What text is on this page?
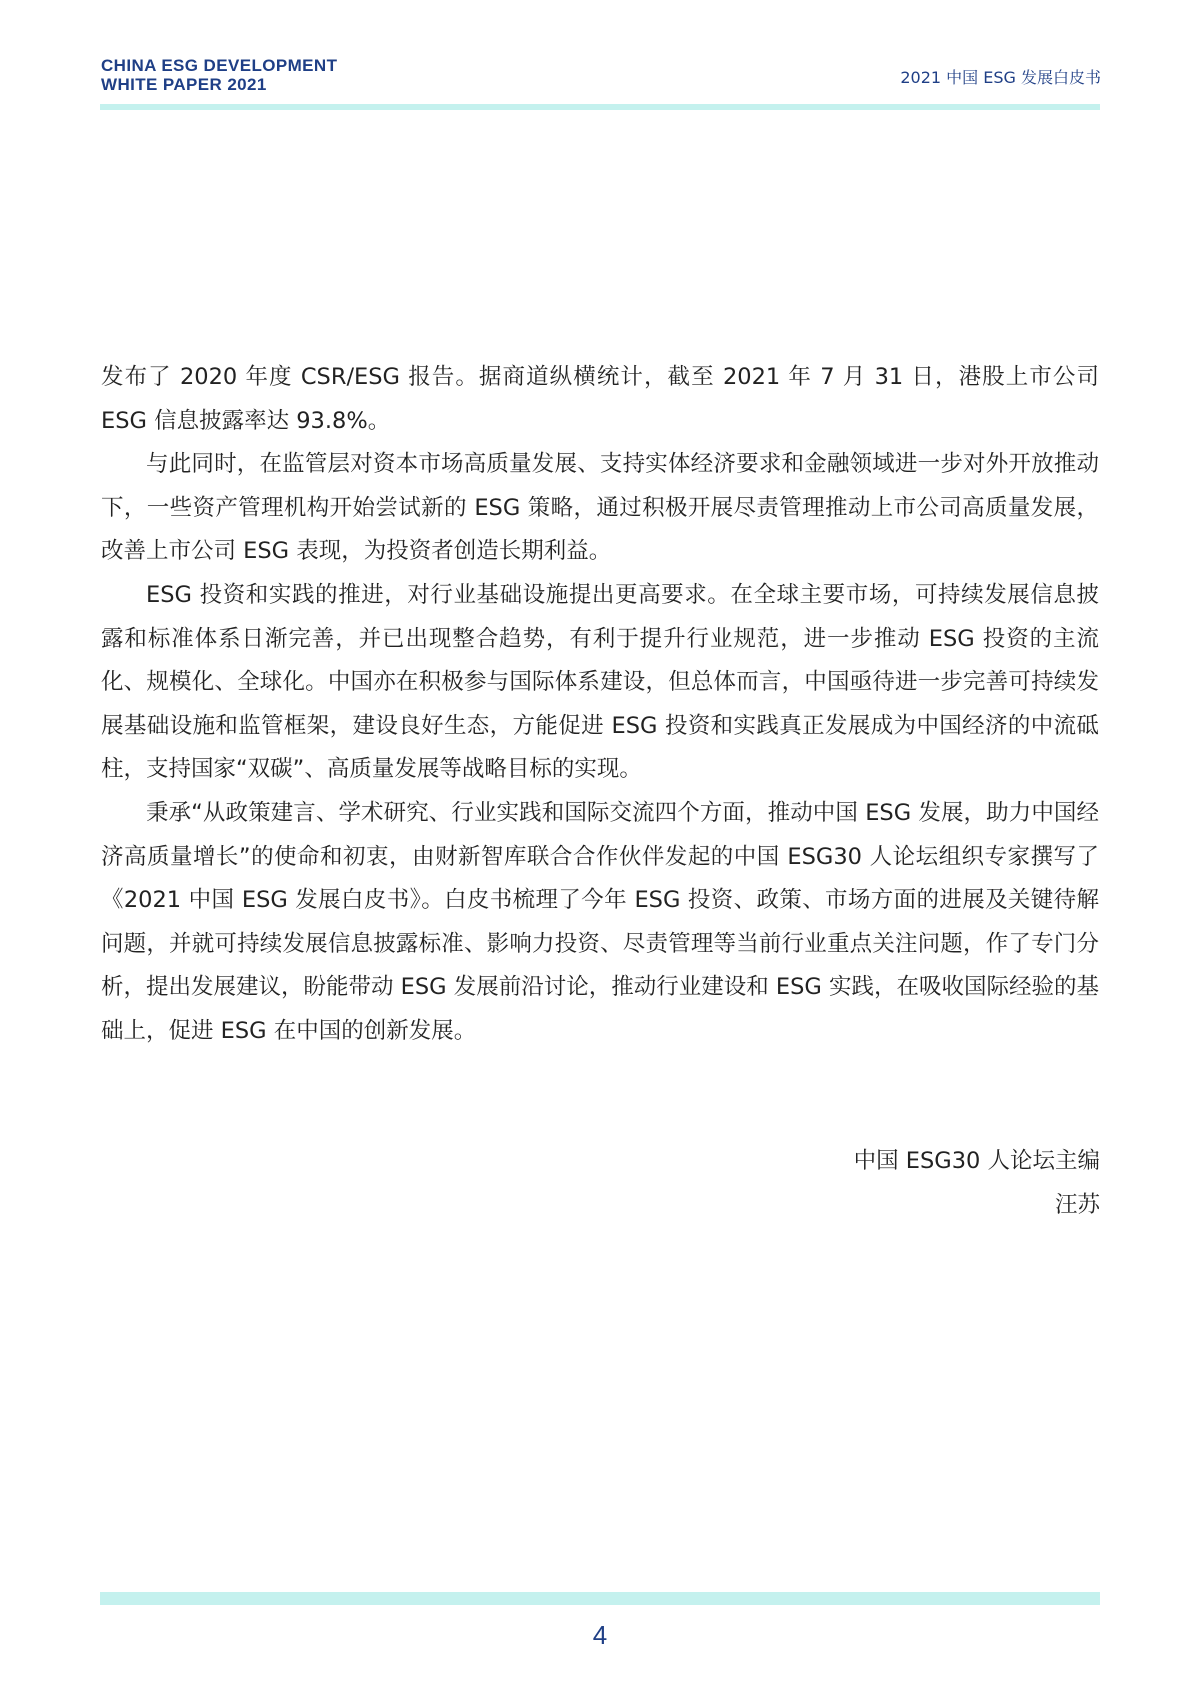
CHINA ESG DEVELOPMENT
WHITE PAPER 2021	2021 中国 ESG 发展白皮书

发布了 2020 年度 CSR/ESG 报告。据商道纵横统计，截至 2021 年 7 月 31 日，港股上市公司 ESG 信息披露率达 93.8%。

与此同时，在监管层对资本市场高质量发展、支持实体经济要求和金融领域进一步对外开放推动下，一些资产管理机构开始尝试新的 ESG 策略，通过积极开展尽责管理推动上市公司高质量发展，改善上市公司 ESG 表现，为投资者创造长期利益。

ESG 投资和实践的推进，对行业基础设施提出更高要求。在全球主要市场，可持续发展信息披露和标准体系日渐完善，并已出现整合趋势，有利于提升行业规范，进一步推动 ESG 投资的主流化、规模化、全球化。中国亦在积极参与国际体系建设，但总体而言，中国亟待进一步完善可持续发展基础设施和监管框架，建设良好生态，方能促进 ESG 投资和实践真正发展成为中国经济的中流砥柱，支持国家“双碳”、高质量发展等战略目标的实现。

秉承“从政策建言、学术研究、行业实践和国际交流四个方面，推动中国 ESG 发展，助力中国经济高质量增长”的使命和初衷，由财新智库联合合作伙伴发起的中国 ESG30 人论坛组织专家撰写了《2021 中国 ESG 发展白皮书》。白皮书梳理了今年 ESG 投资、政策、市场方面的进展及关键待解问题，并就可持续发展信息披露标准、影响力投资、尽责管理等当前行业重点关注问题，作了专门分析，提出发展建议，盼能带动 ESG 发展前沿讨论，推动行业建设和 ESG 实践，在吸收国际经验的基础上，促进 ESG 在中国的创新发展。

中国 ESG30 人论坛主编
汪苏
4
